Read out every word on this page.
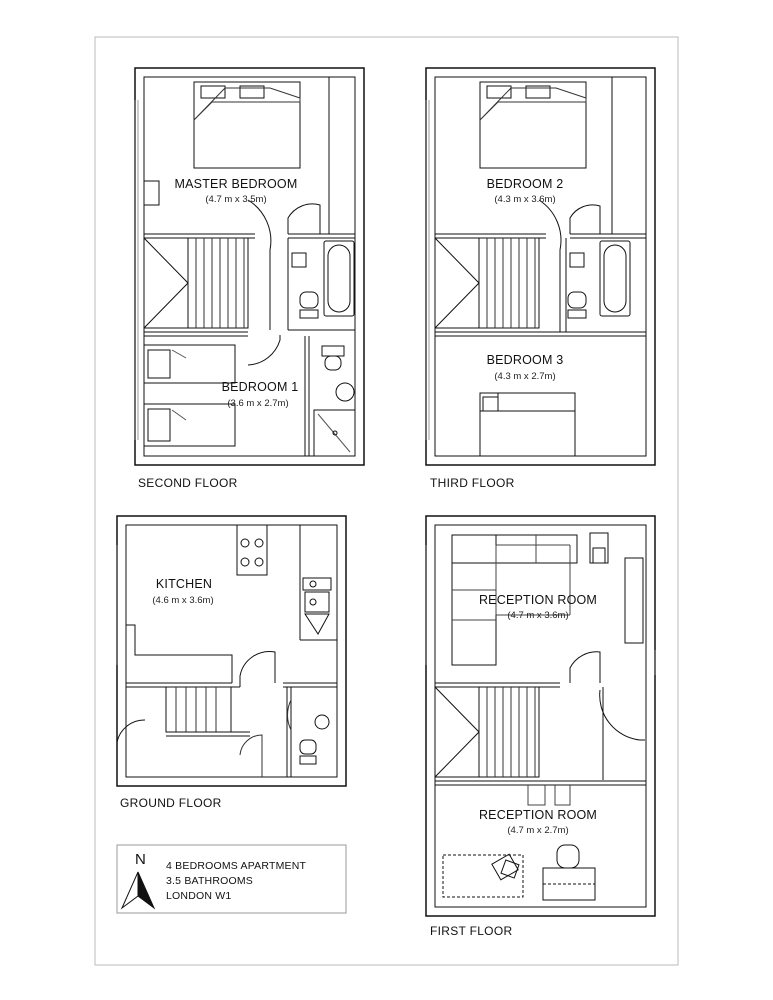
MASTER BEDROOM
(4.7 m x 3.5m)
BEDROOM 1
(3.6 m x 2.7m)
SECOND FLOOR
BEDROOM 2
(4.3 m x 3.6m)
BEDROOM 3
(4.3 m x 2.7m)
THIRD FLOOR
KITCHEN
(4.6 m x 3.6m)
GROUND FLOOR
RECEPTION ROOM
(4.7 m x 3.6m)
RECEPTION ROOM
(4.7 m x 2.7m)
FIRST FLOOR
N 4 BEDROOMS APARTMENT
3.5 BATHROOMS
LONDON W1
